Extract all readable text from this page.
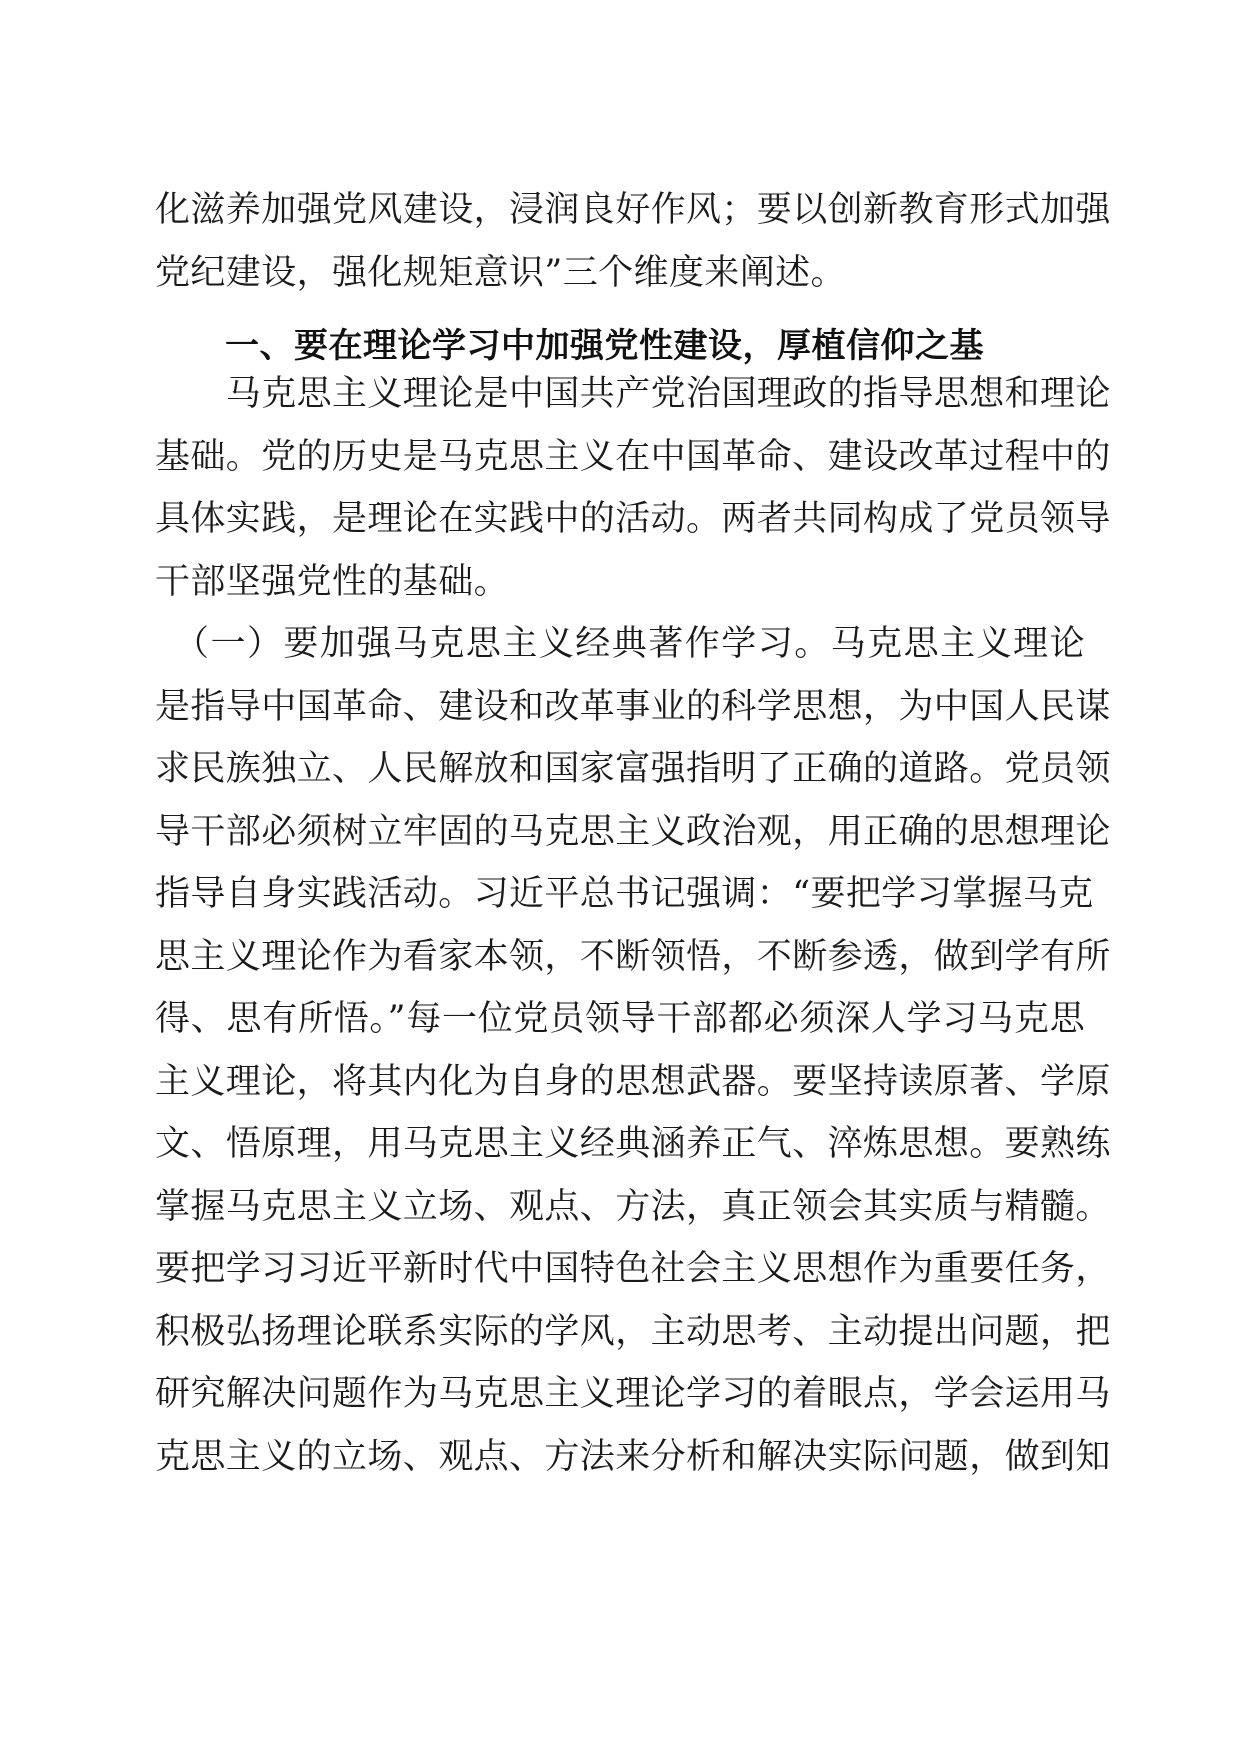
化滋养加强党风建设，浸润良好作风；要以创新教育形式加强
党纪建设，强化规矩意识”三个维度来阐述。
一、要在理论学习中加强党性建设，厚植信仰之基
　　马克思主义理论是中国共产党治国理政的指导思想和理论
基础。党的历史是马克思主义在中国革命、建设改革过程中的
具体实践，是理论在实践中的活动。两者共同构成了党员领导
干部坚强党性的基础。
　（一）要加强马克思主义经典著作学习。马克思主义理论
是指导中国革命、建设和改革事业的科学思想，为中国人民谋
求民族独立、人民解放和国家富强指明了正确的道路。党员领
导干部必须树立牢固的马克思主义政治观，用正确的思想理论
指导自身实践活动。习近平总书记强调：“要把学习掌握马克
思主义理论作为看家本领，不断领悟，不断参透，做到学有所
得、思有所悟。”每一位党员领导干部都必须深人学习马克思
主义理论，将其内化为自身的思想武器。要坚持读原著、学原
文、悟原理，用马克思主义经典涵养正气、淬炼思想。要熟练
掌握马克思主义立场、观点、方法，真正领会其实质与精髓。
要把学习习近平新时代中国特色社会主义思想作为重要任务，
积极弘扬理论联系实际的学风，主动思考、主动提出问题，把
研究解决问题作为马克思主义理论学习的着眼点，学会运用马
克思主义的立场、观点、方法来分析和解决实际问题，做到知
